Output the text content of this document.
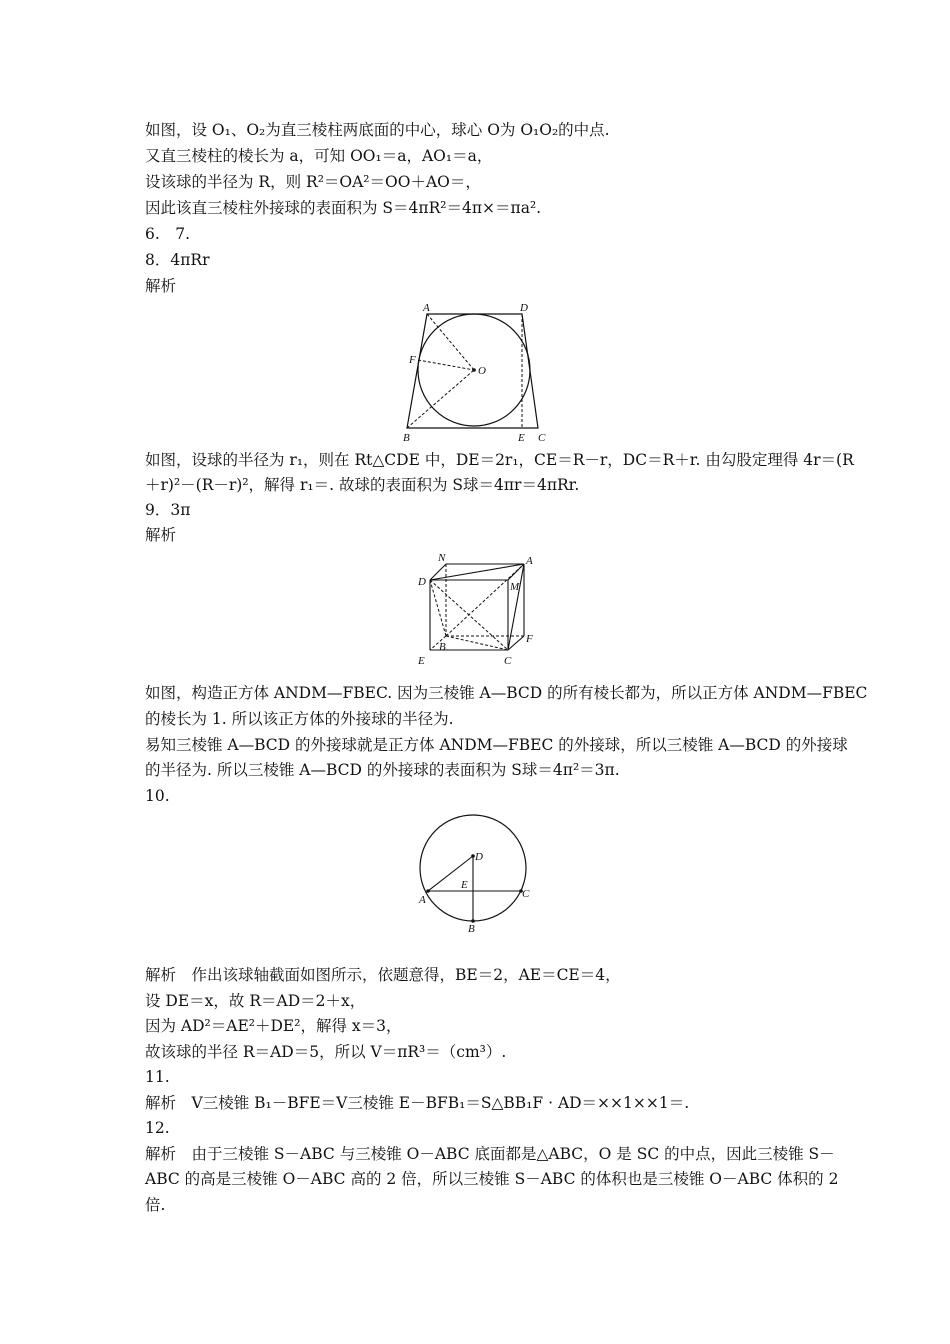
如图，设 O₁、O₂为直三棱柱两底面的中心，球心 O为 O₁O₂的中点.
又直三棱柱的棱长为 a，可知 OO₁＝a，AO₁＝a，
设该球的半径为 R，则 R²＝OA²＝OO＋AO＝，
因此该直三棱柱外接球的表面积为 S＝4πR²＝4π×＝πa².
6.　7.
8．4πRr
解析
A	D
F
O
B	E C
如图，设球的半径为 r₁，则在 Rt△CDE 中，DE＝2r₁，CE＝R－r，DC＝R＋r. 由勾股定理得 4r＝(R
＋r)²－(R－r)²，解得 r₁＝. 故球的表面积为 S球＝4πr＝4πRr.
9．3π
解析
N	A
D	M
F
B
E	C
如图，构造正方体 ANDM—FBEC. 因为三棱锥 A—BCD 的所有棱长都为，所以正方体 ANDM—FBEC
的棱长为 1. 所以该正方体的外接球的半径为.
易知三棱锥 A—BCD 的外接球就是正方体 ANDM—FBEC 的外接球，所以三棱锥 A—BCD 的外接球
的半径为. 所以三棱锥 A—BCD 的外接球的表面积为 S球＝4π²＝3π.
10.
D
E
A	C
B
解析　作出该球轴截面如图所示，依题意得，BE＝2，AE＝CE＝4，
设 DE＝x，故 R＝AD＝2＋x，
因为 AD²＝AE²＋DE²，解得 x＝3，
故该球的半径 R＝AD＝5，所以 V＝πR³＝（cm³）.
11.
解析　V三棱锥 B₁－BFE＝V三棱锥 E－BFB₁＝S△BB₁F · AD＝××1××1＝.
12.
解析　由于三棱锥 S－ABC 与三棱锥 O－ABC 底面都是△ABC，O 是 SC 的中点，因此三棱锥 S－
ABC 的高是三棱锥 O－ABC 高的 2 倍，所以三棱锥 S－ABC 的体积也是三棱锥 O－ABC 体积的 2
倍.
